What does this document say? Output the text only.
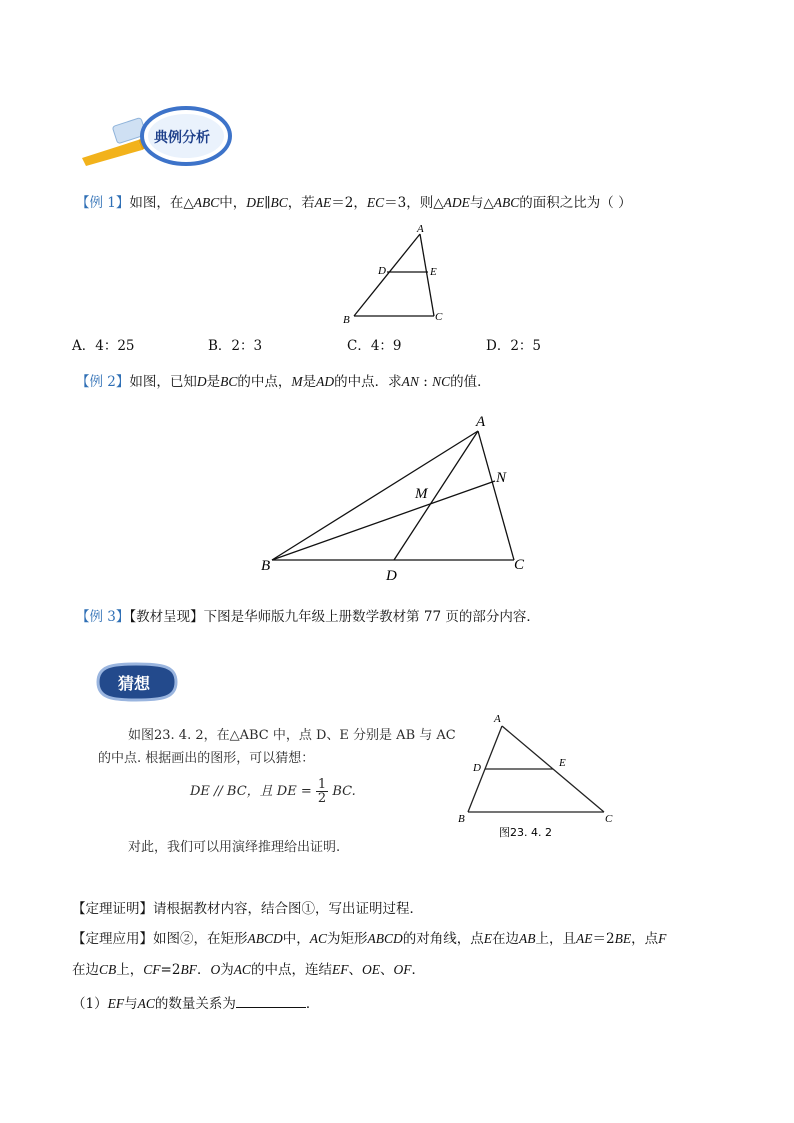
典例分析
【例 1】如图，在△ABC中，DE∥BC，若AE＝2，EC＝3，则△ADE与△ABC的面积之比为（ ）
A
D	E
B	C
A．4：25	B．2：3	C．4：9	D．2：5
【例 2】如图，已知D是BC的中点，M是AD的中点．求AN : NC的值．
A
N
M
B
D
C
【例 3】【教材呈现】下图是华师版九年级上册数学教材第 77 页的部分内容．
猜想
如图23. 4. 2，在△ABC 中，点 D、E 分别是 AB 与 AC
的中点. 根据画出的图形，可以猜想：
DE // BC，且 DE = $\frac{1}{2}$ BC.
对此，我们可以用演绎推理给出证明.
A
D	E
B	C
图23. 4. 2
【定理证明】请根据教材内容，结合图①，写出证明过程．
【定理应用】如图②，在矩形ABCD中，AC为矩形ABCD的对角线，点E在边AB上，且AE＝2BE，点F
在边CB上，CF=2BF．O为AC的中点，连结EF、OE、OF．
（1）EF与AC的数量关系为	．
